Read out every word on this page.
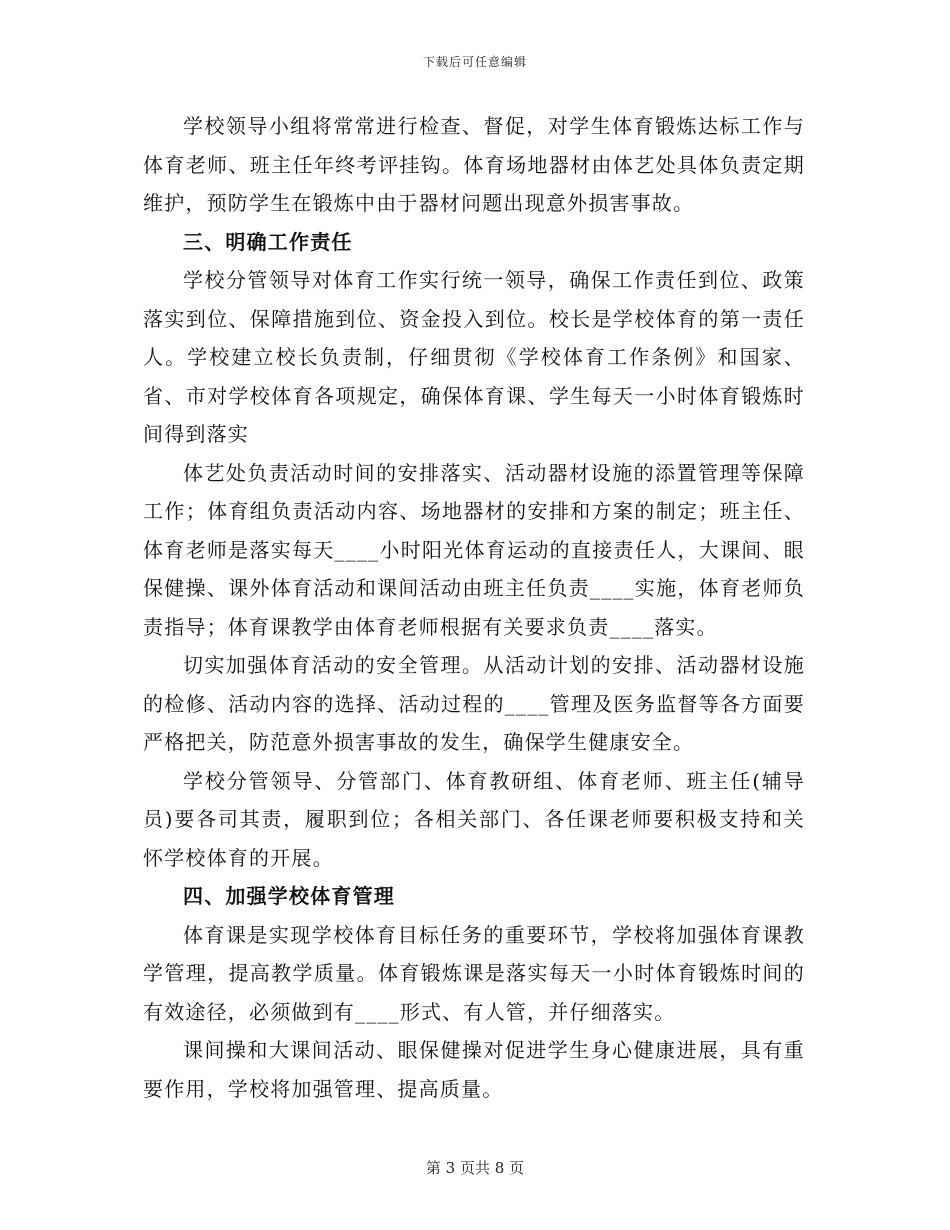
下载后可任意编辑

学校领导小组将常常进行检查、督促，对学生体育锻炼达标工作与体育老师、班主任年终考评挂钩。体育场地器材由体艺处具体负责定期维护，预防学生在锻炼中由于器材问题出现意外损害事故。

三、明确工作责任

学校分管领导对体育工作实行统一领导，确保工作责任到位、政策落实到位、保障措施到位、资金投入到位。校长是学校体育的第一责任人。学校建立校长负责制，仔细贯彻《学校体育工作条例》和国家、省、市对学校体育各项规定，确保体育课、学生每天一小时体育锻炼时间得到落实

体艺处负责活动时间的安排落实、活动器材设施的添置管理等保障工作；体育组负责活动内容、场地器材的安排和方案的制定；班主任、体育老师是落实每天____小时阳光体育运动的直接责任人，大课间、眼保健操、课外体育活动和课间活动由班主任负责____实施，体育老师负责指导；体育课教学由体育老师根据有关要求负责____落实。

切实加强体育活动的安全管理。从活动计划的安排、活动器材设施的检修、活动内容的选择、活动过程的____管理及医务监督等各方面要严格把关，防范意外损害事故的发生，确保学生健康安全。

学校分管领导、分管部门、体育教研组、体育老师、班主任(辅导员)要各司其责，履职到位；各相关部门、各任课老师要积极支持和关怀学校体育的开展。

四、加强学校体育管理

体育课是实现学校体育目标任务的重要环节，学校将加强体育课教学管理，提高教学质量。体育锻炼课是落实每天一小时体育锻炼时间的有效途径，必须做到有____形式、有人管，并仔细落实。

课间操和大课间活动、眼保健操对促进学生身心健康进展，具有重要作用，学校将加强管理、提高质量。

第 3 页共 8 页
